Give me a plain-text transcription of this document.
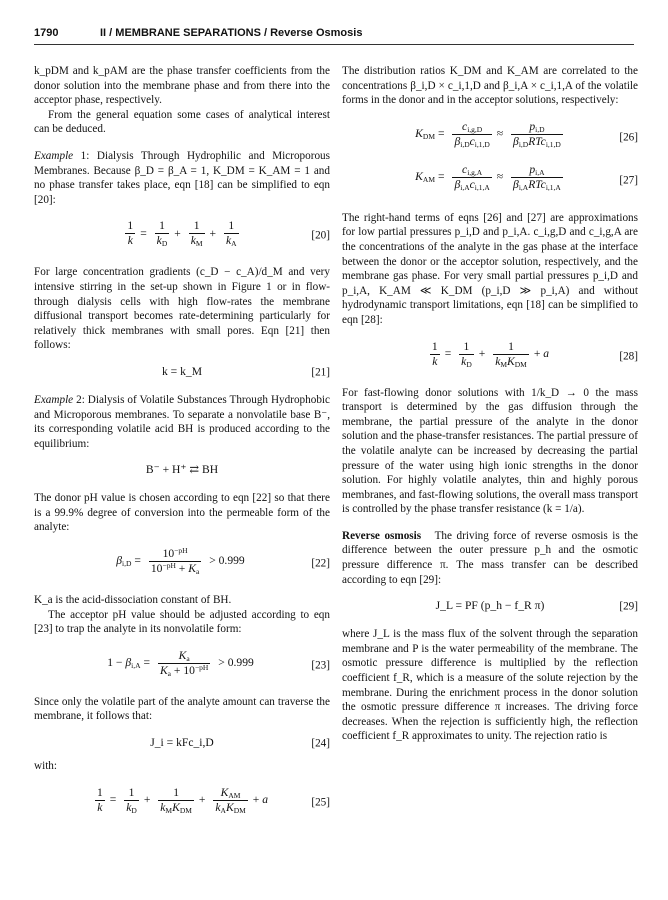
1790	II / MEMBRANE SEPARATIONS / Reverse Osmosis

k_pDM and k_pAM are the phase transfer coefficients from the donor solution into the membrane phase and from there into the acceptor phase, respectively.

From the general equation some cases of analytical interest can be deduced.

Example 1: Dialysis Through Hydrophilic and Microporous Membranes. Because β_D = β_A = 1, K_DM = K_AM = 1 and no phase transfer takes place, eqn [18] can be simplified to eqn [20]:

$\frac{1}{k} = \frac{1}{k_D} + \frac{1}{k_M} + \frac{1}{k_A}$	[20]

For large concentration gradients (c_D − c_A)/d_M and very intensive stirring in the set-up shown in Figure 1 or in flow-through dialysis cells with high flow-rates the membrane diffusional transport becomes rate-determining particularly for relatively thick membranes with small pores. Eqn [21] then follows:

k = k_M	[21]

Example 2: Dialysis of Volatile Substances Through Hydrophobic and Microporous membranes. To separate a nonvolatile base B⁻, its corresponding volatile acid BH is produced according to the equilibrium:

B⁻ + H⁺ ⇄ BH

The donor pH value is chosen according to eqn [22] so that there is a 99.9% degree of conversion into the permeable form of the analyte:

$\beta_{i,D} = \frac{10^{-pH}}{10^{-pH} + K_a} > 0.999$	[22]

K_a is the acid-dissociation constant of BH.

The acceptor pH value should be adjusted according to eqn [23] to trap the analyte in its nonvolatile form:

$1 - \beta_{i,A} = \frac{K_a}{K_a + 10^{-pH}} > 0.999$	[23]

Since only the volatile part of the analyte amount can traverse the membrane, it follows that:

J_i = kFc_i,D	[24]

with:

$\frac{1}{k} = \frac{1}{k_D} + \frac{1}{k_MK_{DM}} + \frac{K_{AM}}{k_AK_{DM}} + a$	[25]

The distribution ratios K_DM and K_AM are correlated to the concentrations β_i,D × c_i,1,D and β_i,A × c_i,1,A of the volatile forms in the donor and in the acceptor solutions, respectively:

$K_{DM} = \frac{c_{i,g,D}}{\beta_{i,D}c_{i,1,D}} \approx \frac{p_{i,D}}{\beta_{i,D}RTc_{i,1,D}}$	[26]
$K_{AM} = \frac{c_{i,g,A}}{\beta_{i,A}c_{i,1,A}} \approx \frac{p_{i,A}}{\beta_{i,A}RTc_{i,1,A}}$	[27]

The right-hand terms of eqns [26] and [27] are approximations for low partial pressures p_i,D and p_i,A. c_i,g,D and c_i,g,A are the concentrations of the analyte in the gas phase at the interface between the donor or the acceptor solution, respectively, and the membrane gas phase. For very small partial pressures p_i,D and p_i,A, K_AM ≪ K_DM (p_i,D ≫ p_i,A) and without hydrodynamic transport limitations, eqn [18] can be simplified to eqn [28]:

$\frac{1}{k} = \frac{1}{k_D} + \frac{1}{k_MK_{DM}} + a$	[28]

For fast-flowing donor solutions with 1/k_D → 0 the mass transport is determined by the gas diffusion through the membrane, the partial pressure of the analyte in the donor solution and the phase-transfer resistances. The partial pressure of the volatile analyte can be increased by decreasing the partial pressure of the water using high ionic strengths in the donor solution. For highly volatile analytes, thin and highly porous membranes, and fast-flowing solutions, the overall mass transport is controlled by the phase transfer resistance (k = 1/a).

Reverse osmosis The driving force of reverse osmosis is the difference between the outer pressure p_h and the osmotic pressure difference π. The mass transfer can be described according to eqn [29]:

J_L = PF (p_h − f_R π)	[29]

where J_L is the mass flux of the solvent through the separation membrane and P is the water permeability of the membrane. The osmotic pressure difference is multiplied by the reflection coefficient f_R, which is a measure of the solute rejection by the membrane. During the enrichment process in the donor solution the osmotic pressure difference π increases. The driving force decreases. When the rejection is sufficiently high, the reflection coefficient f_R approximates to unity. The rejection ratio is
